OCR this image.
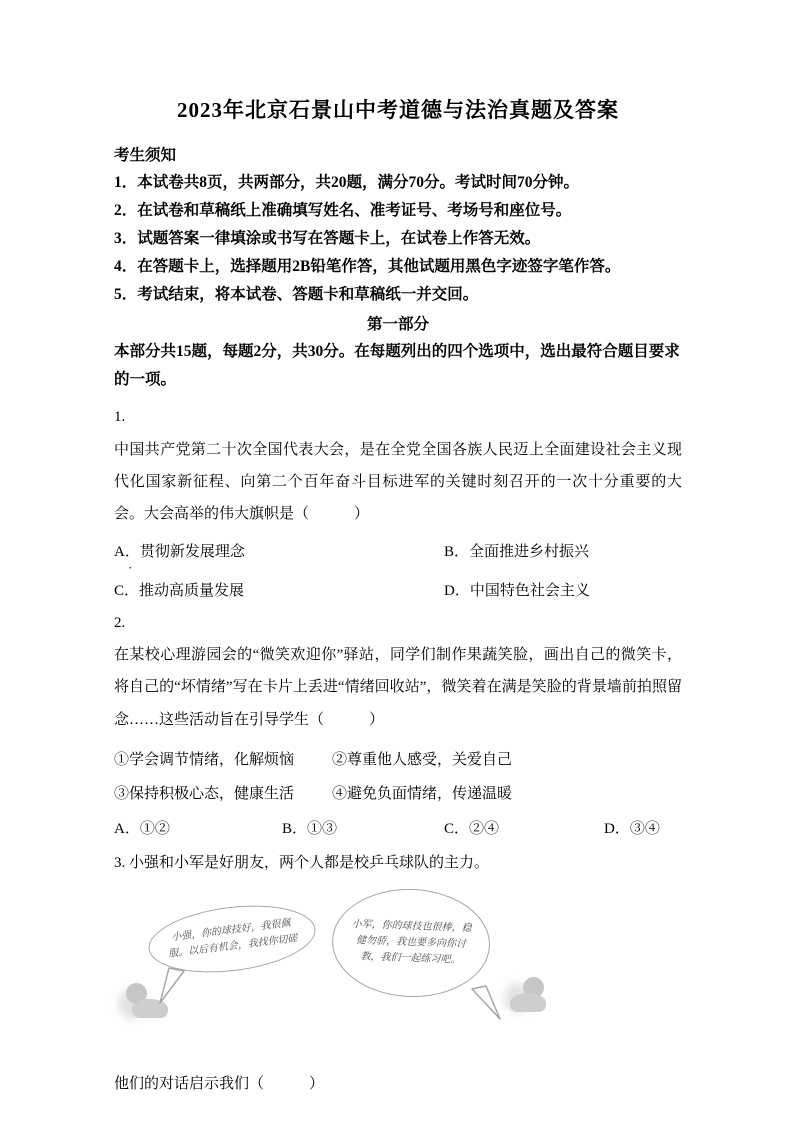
2023年北京石景山中考道德与法治真题及答案
考生须知
1．本试卷共8页，共两部分，共20题，满分70分。考试时间70分钟。
2．在试卷和草稿纸上准确填写姓名、准考证号、考场号和座位号。
3．试题答案一律填涂或书写在答题卡上，在试卷上作答无效。
4．在答题卡上，选择题用2B铅笔作答，其他试题用黑色字迹签字笔作答。
5．考试结束，将本试卷、答题卡和草稿纸一并交回。
第一部分
本部分共15题，每题2分，共30分。在每题列出的四个选项中，选出最符合题目要求的一项。
1.

中国共产党第二十次全国代表大会，是在全党全国各族人民迈上全面建设社会主义现代化国家新征程、向第二个百年奋斗目标进军的关键时刻召开的一次十分重要的大会。大会高举的伟大旗帜是（　　　）

A．贯彻新发展理念	B．全面推进乡村振兴
·
C．推动高质量发展	D．中国特色社会主义
2.

在某校心理游园会的“微笑欢迎你”驿站，同学们制作果蔬笑脸，画出自己的微笑卡，将自己的“坏情绪”写在卡片上丢进“情绪回收站”，微笑着在满是笑脸的背景墙前拍照留念……这些活动旨在引导学生（　　　）

①学会调节情绪，化解烦恼	②尊重他人感受，关爱自己
③保持积极心态，健康生活	④避免负面情绪，传递温暖
A．①②	B．①③	C．②④	D．③④
3. 小强和小军是好朋友，两个人都是校乒乓球队的主力。
小强，你的球技好，我很佩服。以后有机会，我找你切磋
小军，你的球技也很棒，稳健勿骄，我也要多向你讨教，我们一起练习吧。
他们的对话启示我们（　　　）
